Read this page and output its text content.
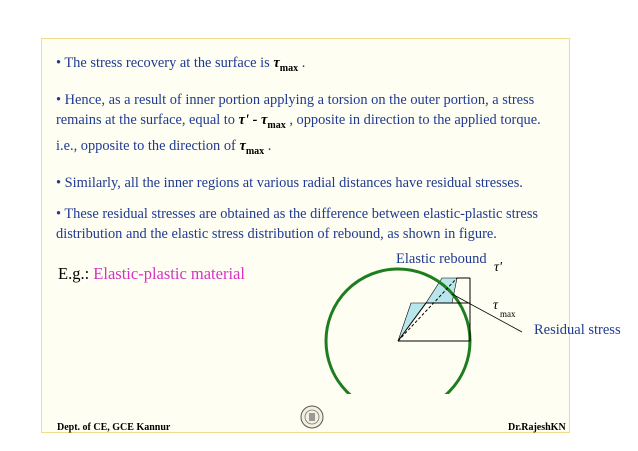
• The stress recovery at the surface is $\tau_{max}$ .

• Hence, as a result of inner portion applying a torsion on the outer portion, a stress remains at the surface, equal to τ' - $\tau_{max}$ , opposite in direction to the applied torque. i.e., opposite to the direction of $\tau_{max}$ .

• Similarly, all the inner regions at various radial distances have residual stresses.

• These residual stresses are obtained as the difference between elastic-plastic stress distribution and the elastic stress distribution of rebound, as shown in figure.

E.g.: Elastic-plastic material
Elastic rebound
Residual stress
τ'
τ
max
Dept. of CE, GCE Kannur	Dr.RajeshKN
